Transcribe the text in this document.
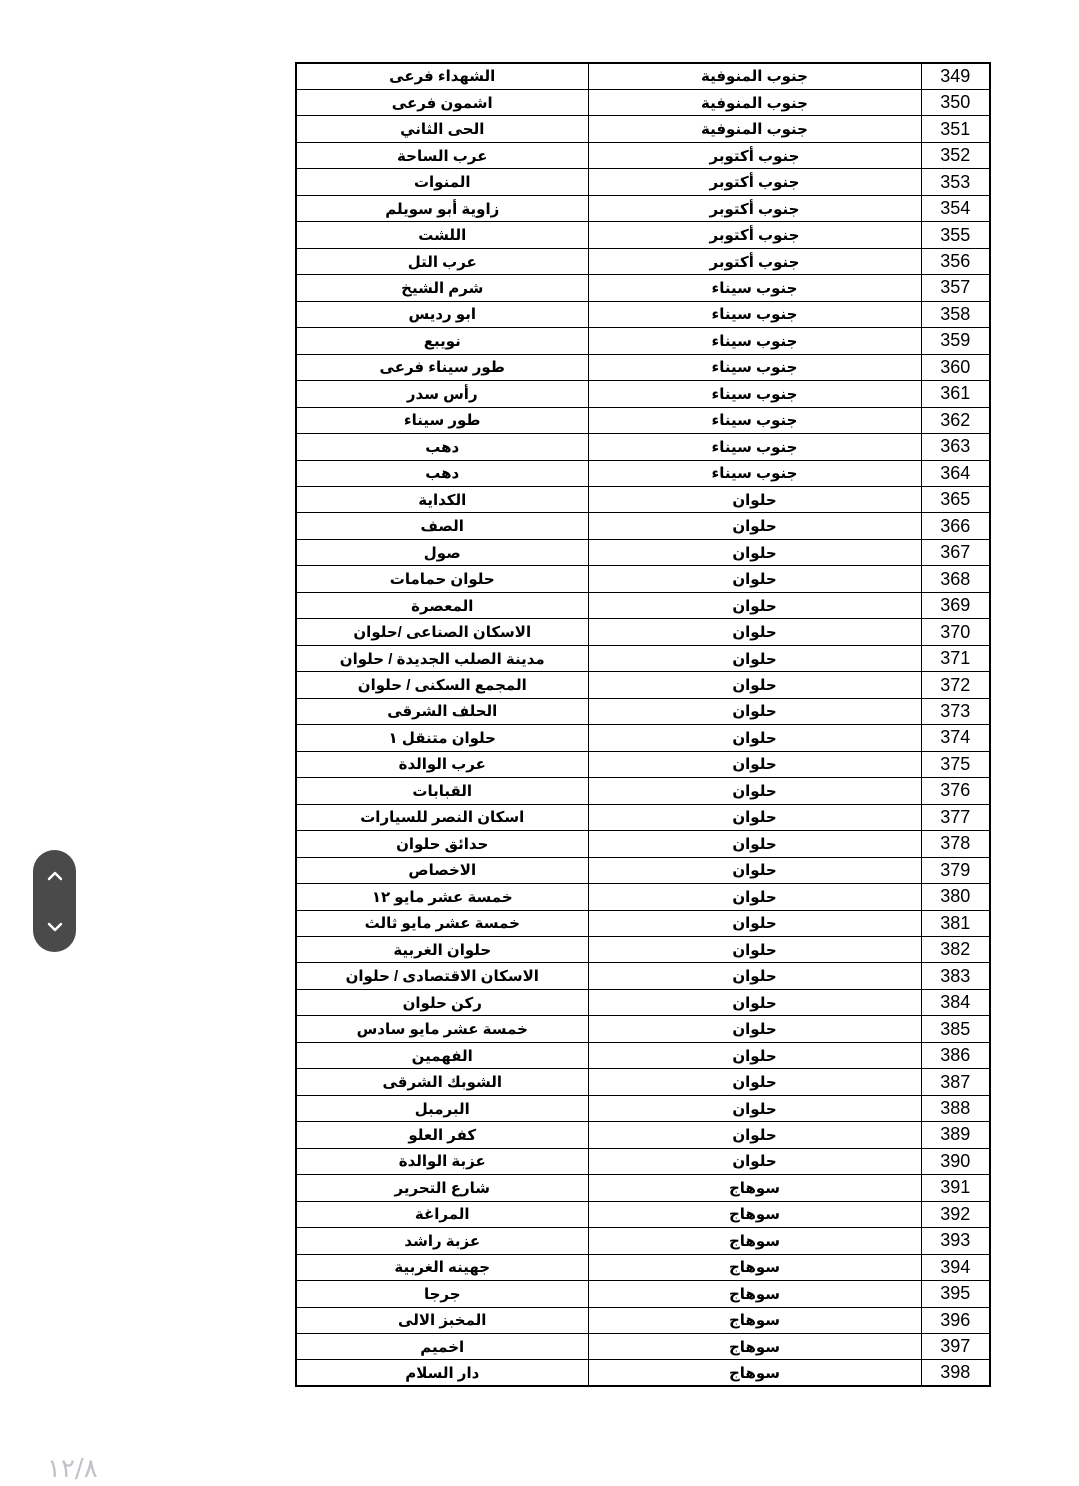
الشهداء فرعى	جنوب المنوفية	349
اشمون فرعى	جنوب المنوفية	350
الحى الثاني	جنوب المنوفية	351
عرب الساحة	جنوب أكتوبر	352
المنوات	جنوب أكتوبر	353
زاوية أبو سويلم	جنوب أكتوبر	354
اللشت	جنوب أكتوبر	355
عرب التل	جنوب أكتوبر	356
شرم الشيخ	جنوب سيناء	357
ابو رديس	جنوب سيناء	358
نويبع	جنوب سيناء	359
طور سيناء فرعى	جنوب سيناء	360
رأس سدر	جنوب سيناء	361
طور سيناء	جنوب سيناء	362
دهب	جنوب سيناء	363
دهب	جنوب سيناء	364
الكداية	حلوان	365
الصف	حلوان	366
صول	حلوان	367
حلوان حمامات	حلوان	368
المعصرة	حلوان	369
الاسكان الصناعى /حلوان	حلوان	370
مدينة الصلب الجديدة / حلوان	حلوان	371
المجمع السكنى / حلوان	حلوان	372
الحلف الشرقى	حلوان	373
حلوان متنقل ١	حلوان	374
عرب الوالدة	حلوان	375
القبابات	حلوان	376
اسكان النصر للسيارات	حلوان	377
حدائق حلوان	حلوان	378
الاخصاص	حلوان	379
خمسة عشر مايو ١٢	حلوان	380
خمسة عشر مايو ثالث	حلوان	381
حلوان الغربية	حلوان	382
الاسكان الاقتصادى / حلوان	حلوان	383
ركن حلوان	حلوان	384
خمسة عشر مايو سادس	حلوان	385
الفهمين	حلوان	386
الشوبك الشرقى	حلوان	387
البرمبل	حلوان	388
كفر العلو	حلوان	389
عزبة الوالدة	حلوان	390
شارع التحرير	سوهاج	391
المراغة	سوهاج	392
عزبة راشد	سوهاج	393
جهينه الغربية	سوهاج	394
جرجا	سوهاج	395
المخبز الالى	سوهاج	396
اخميم	سوهاج	397
دار السلام	سوهاج	398
١٢/٨
